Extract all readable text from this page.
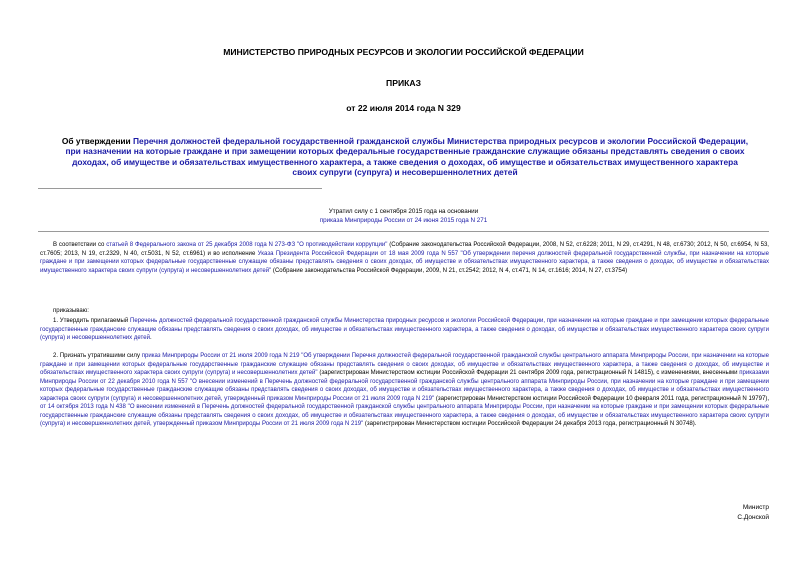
МИНИСТЕРСТВО ПРИРОДНЫХ РЕСУРСОВ И ЭКОЛОГИИ РОССИЙСКОЙ ФЕДЕРАЦИИ
ПРИКАЗ
от 22 июля 2014 года N 329
Об утверждении Перечня должностей федеральной государственной гражданской службы Министерства природных ресурсов и экологии Российской Федерации, при назначении на которые граждане и при замещении которых федеральные государственные гражданские служащие обязаны представлять сведения о своих доходах, об имуществе и обязательствах имущественного характера, а также сведения о доходах, об имуществе и обязательствах имущественного характера своих супруги (супруга) и несовершеннолетних детей
Утратил силу с 1 сентября 2015 года на основании
приказа Минприроды России от 24 июня 2015 года N 271
В соответствии со статьей 8 Федерального закона от 25 декабря 2008 года N 273-ФЗ "О противодействии коррупции" (Собрание законодательства Российской Федерации, 2008, N 52, ст.6228; 2011, N 29, ст.4291, N 48, ст.6730; 2012, N 50, ст.6954, N 53, ст.7605; 2013, N 19, ст.2329, N 40, ст.5031, N 52, ст.6961) и во исполнение Указа Президента Российской Федерации от 18 мая 2009 года N 557 "Об утверждении перечня должностей федеральной государственной службы, при назначении на которые граждане и при замещении которых федеральные государственные служащие обязаны представлять сведения о своих доходах, об имуществе и обязательствах имущественного характера, а также сведения о доходах, об имуществе и обязательствах имущественного характера своих супруги (супруга) и несовершеннолетних детей" (Собрание законодательства Российской Федерации, 2009, N 21, ст.2542; 2012, N 4, ст.471, N 14, ст.1616; 2014, N 27, ст.3754)
приказываю:
1. Утвердить прилагаемый Перечень должностей федеральной государственной гражданской службы Министерства природных ресурсов и экологии Российской Федерации, при назначении на которые граждане и при замещении которых федеральные государственные гражданские служащие обязаны представлять сведения о своих доходах, об имуществе и обязательствах имущественного характера, а также сведения о доходах, об имуществе и обязательствах имущественного характера своих супруги (супруга) и несовершеннолетних детей.
2. Признать утратившими силу приказ Минприроды России от 21 июля 2009 года N 219 "Об утверждении Перечня должностей федеральной государственной гражданской службы центрального аппарата Минприроды России, при назначении на которые граждане и при замещении которых федеральные государственные гражданские служащие обязаны представлять сведения о своих доходах, об имуществе и обязательствах имущественного характера, а также сведения о доходах, об имуществе и обязательствах имущественного характера своих супруги (супруга) и несовершеннолетних детей" (зарегистрирован Министерством юстиции Российской Федерации 21 сентября 2009 года, регистрационный N 14815), с изменениями, внесенными приказами Минприроды России от 22 декабря 2010 года N 557 "О внесении изменений в Перечень должностей федеральной государственной гражданской службы центрального аппарата Минприроды России, при назначении на которые граждане и при замещении которых федеральные государственные гражданские служащие обязаны представлять сведения о своих доходах, об имуществе и обязательствах имущественного характера, а также сведения о доходах, об имуществе и обязательствах имущественного характера своих супруги (супруга) и несовершеннолетних детей, утвержденный приказом Минприроды России от 21 июля 2009 года N 219" (зарегистрирован Министерством юстиции Российской Федерации 10 февраля 2011 года, регистрационный N 19797), от 14 октября 2013 года N 438 "О внесении изменений в Перечень должностей федеральной государственной гражданской службы центрального аппарата Минприроды России, при назначении на которые граждане и при замещении которых федеральные государственные гражданские служащие обязаны представлять сведения о своих доходах, об имуществе и обязательствах имущественного характера, а также сведения о доходах, об имуществе и обязательствах имущественного характера своих супруги (супруга) и несовершеннолетних детей, утвержденный приказом Минприроды России от 21 июля 2009 года N 219" (зарегистрирован Министерством юстиции Российской Федерации 24 декабря 2013 года, регистрационный N 30748).
Министр
С.Донской
